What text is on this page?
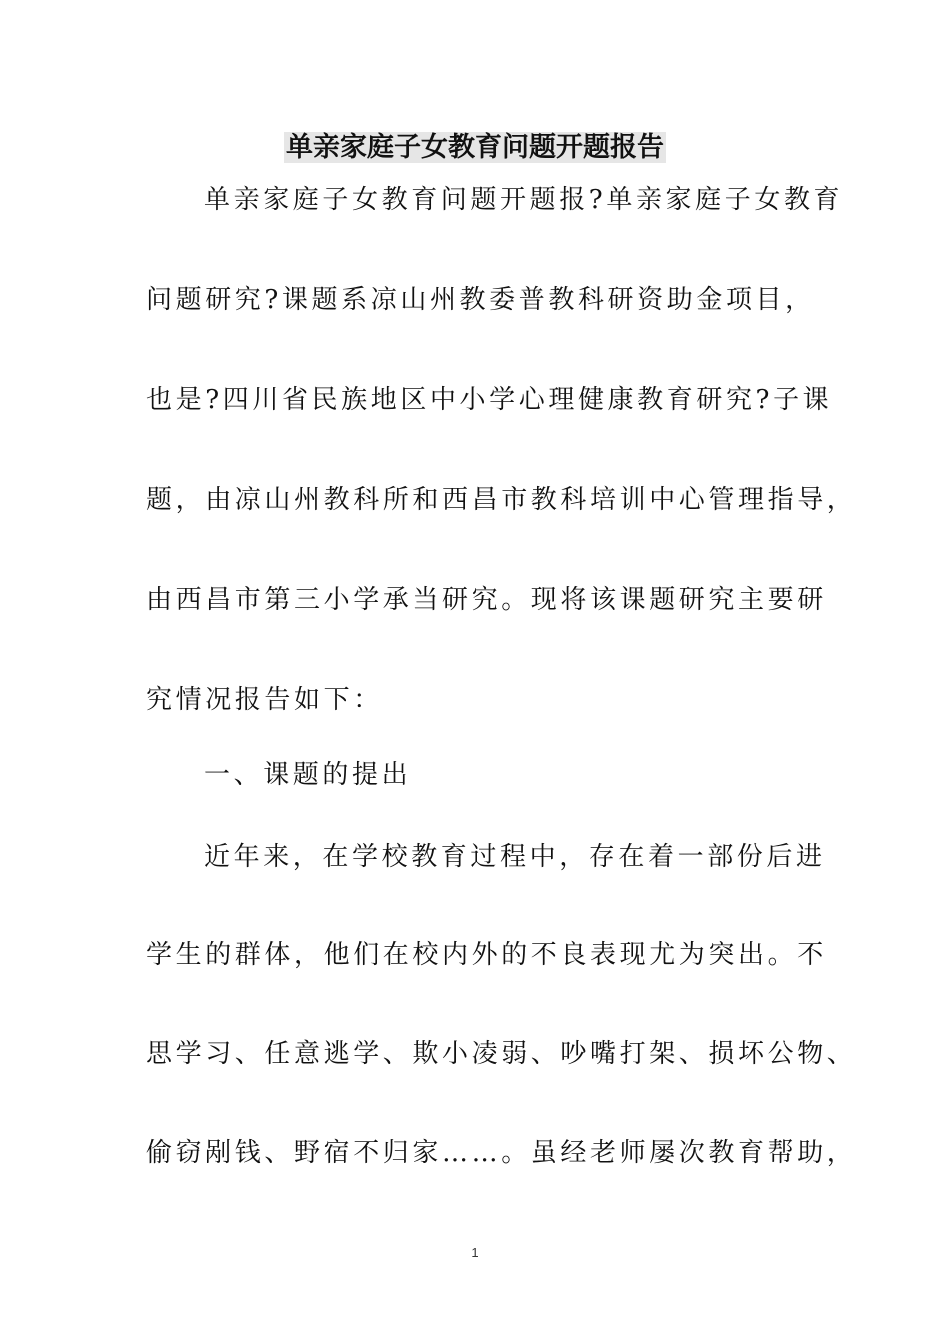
单亲家庭子女教育问题开题报告
单亲家庭子女教育问题开题报?单亲家庭子女教育
问题研究?课题系凉山州教委普教科研资助金项目，
也是?四川省民族地区中小学心理健康教育研究?子课
题，由凉山州教科所和西昌市教科培训中心管理指导，
由西昌市第三小学承当研究。现将该课题研究主要研
究情况报告如下：
一、课题的提出
近年来，在学校教育过程中，存在着一部份后进
学生的群体，他们在校内外的不良表现尤为突出。不
思学习、任意逃学、欺小凌弱、吵嘴打架、损坏公物、
偷窃剐钱、野宿不归家……。虽经老师屡次教育帮助，
1
